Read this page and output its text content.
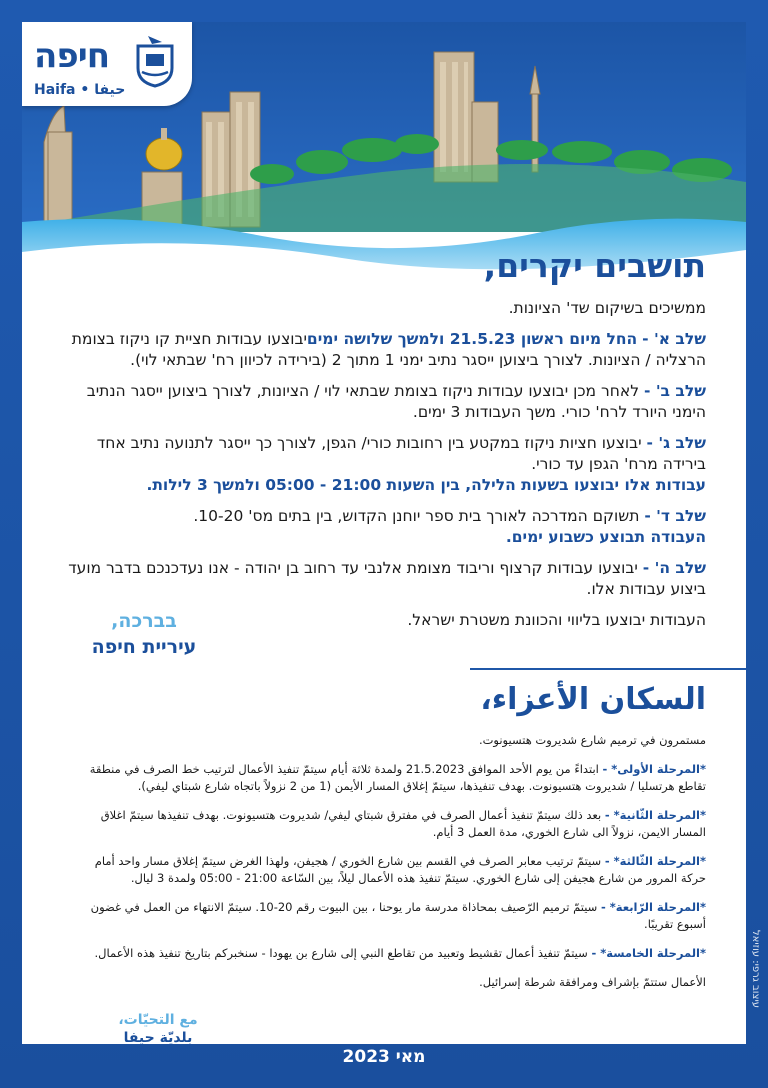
חיפה
Haifa • حيفا
תושבים יקרים,

ממשיכים בשיקום שד' הציונות.

שלב א' - החל מיום ראשון 21.5.23 ולמשך שלושה ימיםיבוצעו עבודות חציית קו ניקוז בצומת הרצליה / הציונות. לצורך ביצוען ייסגר נתיב ימני 1 מתוך 2 (בירידה לכיוון רח' שבתאי לוי).

שלב ב' - לאחר מכן יבוצעו עבודות ניקוז בצומת שבתאי לוי / הציונות, לצורך ביצוען ייסגר הנתיב הימני היורד לרח' כורי. משך העבודות 3 ימים.

שלב ג' - יבוצעו חציות ניקוז במקטע בין רחובות כורי/ הגפן, לצורך כך ייסגר לתנועה נתיב אחד בירידה מרח' הגפן עד כורי.
עבודות אלו יבוצעו בשעות הלילה, בין השעות 21:00 - 05:00 ולמשך 3 לילות.

שלב ד' - תשוקם המדרכה לאורך בית ספר יוחנן הקדוש, בין בתים מס' 10-20.
העבודה תבוצע כשבוע ימים.

שלב ה' - יבוצעו עבודות קרצוף וריבוד מצומת אלנבי עד רחוב בן יהודה - אנו נעדכנכם בדבר מועד ביצוע עבודות אלו.

העבודות יבוצעו בליווי והכוונת משטרת ישראל.

בברכה,
עיריית חיפה
السكان الأعزاء،

مستمرون في ترميم شارع شديروت هتسيونوت.

*المرحلة الأولى* - ابتداءً من يوم الأحد الموافق 21.5.2023 ولمدة ثلاثة أيام سيتمّ تنفيذ الأعمال لترتيب خط الصرف في منطقة تقاطع هرتسليا / شديروت هتسيونوت. بهدف تنفيذها، سيتمّ إغلاق المسار الأيمن (1 من 2 نزولاً باتجاه شارع شبتاي ليفي).

*المرحلة الثّانية* - بعد ذلك سيتمّ تنفيذ أعمال الصرف في مفترق شبتاي ليفي/ شديروت هتسيونوت. بهدف تنفيذها سيتمّ اغلاق المسار الايمن، نزولاً الى شارع الخوري، مدة العمل 3 أيام.

*المرحلة الثّالثة* - سيتمّ ترتيب معابر الصرف في القسم بين شارع الخوري / هجيفن، ولهذا الغرض سيتمّ إغلاق مسار واحد أمام حركة المرور من شارع هجيفن إلى شارع الخوري. سيتمّ تنفيذ هذه الأعمال ليلاً، بين السّاعة 21:00 - 05:00 ولمدة 3 ليال.

*المرحلة الرّابعة* - سيتمّ ترميم الرّصيف بمحاذاة مدرسة مار يوحنا ، بين البيوت رقم 20-10. سيتمّ الانتهاء من العمل في غضون أسبوع تقريبًا.

*المرحلة الخامسة* - سيتمّ تنفيذ أعمال تقشيط وتعبيد من تقاطع النبي إلى شارع بن يهودا - سنخبركم بتاريخ تنفيذ هذه الأعمال.

الأعمال ستتمّ بإشراف ومرافقة شرطة إسرائيل.

مع التحيّات،
بلديّة حيفا
עיצוב גרפי: עוזיאל
מאי 2023
